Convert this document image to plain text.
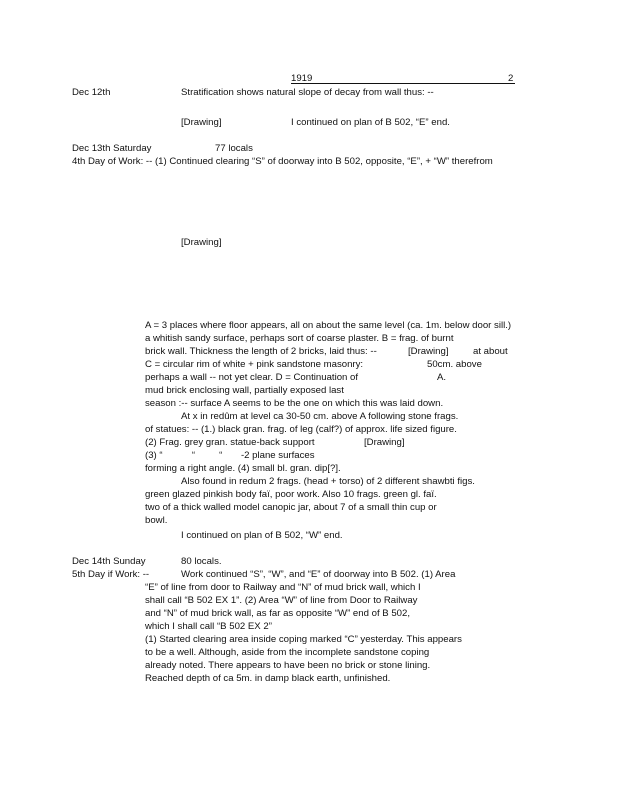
1919	2
Dec 12th	Stratification shows natural slope of decay from wall thus: --
[Drawing]	I continued on plan of B 502, “E” end.
Dec 13th Saturday	77 locals
4th Day of Work: -- (1) Continued clearing “S” of doorway into B 502, opposite, “E”, + “W” therefrom
[Drawing]
A = 3 places where floor appears, all on about the same level (ca. 1m. below door sill.)
a whitish sandy surface, perhaps sort of coarse plaster. B = frag. of burnt
brick wall. Thickness the length of 2 bricks, laid thus: --	[Drawing]	at about
C = circular rim of white + pink sandstone masonry:	50cm. above
perhaps a wall -- not yet clear. D = Continuation of	A.
mud brick enclosing wall, partially exposed last
season :-- surface A seems to be the one on which this was laid down.
At x in redûm at level ca 30-50 cm. above A following stone frags.
of statues: -- (1.) black gran. frag. of leg (calf?) of approx. life sized figure.
(2) Frag. grey gran. statue-back support	[Drawing]
(3) “           “         “       -2 plane surfaces
forming a right angle. (4) small bl. gran. dip[?].
Also found in redum 2 frags. (head + torso) of 2 different shawbti figs.
green glazed pinkish body faï, poor work. Also 10 frags. green gl. faï.
two of a thick walled model canopic jar, about 7 of a small thin cup or
bowl.
I continued on plan of B 502, “W” end.
Dec 14th Sunday	80 locals.
5th Day if Work: --	Work continued “S”, “W”, and “E” of doorway into B 502. (1) Area
“E” of line from door to Railway and “N” of mud brick wall, which I
shall call “B 502 EX 1”. (2) Area “W” of line from Door to Railway
and “N” of mud brick wall, as far as opposite “W” end of B 502,
which I shall call “B 502 EX 2”
(1) Started clearing area inside coping marked “C” yesterday. This appears
to be a well. Although, aside from the incomplete sandstone coping
already noted. There appears to have been no brick or stone lining.
Reached depth of ca 5m. in damp black earth, unfinished.
